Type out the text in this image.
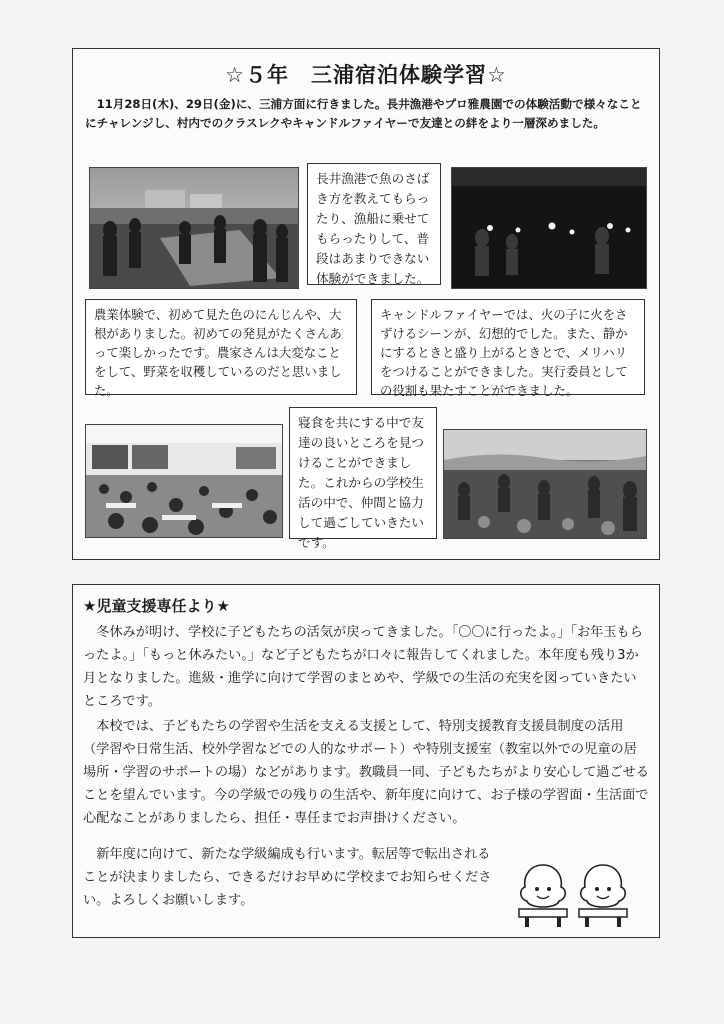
☆５年　三浦宿泊体験学習☆
11月28日(木)、29日(金)に、三浦方面に行きました。長井漁港やプロ雅農園での体験活動で様々なことにチャレンジし、村内でのクラスレクやキャンドルファイヤーで友達との絆をより一層深めました。
長井漁港で魚のさばき方を教えてもらったり、漁船に乗せてもらったりして、普段はあまりできない体験ができました。
農業体験で、初めて見た色のにんじんや、大根がありました。初めての発見がたくさんあって楽しかったです。農家さんは大変なことをして、野菜を収穫しているのだと思いました。
キャンドルファイヤーでは、火の子に火をさずけるシーンが、幻想的でした。また、静かにするときと盛り上がるときとで、メリハリをつけることができました。実行委員としての役割も果たすことができました。
寝食を共にする中で友達の良いところを見つけることができました。これからの学校生活の中で、仲間と協力して過ごしていきたいです。
★児童支援専任より★

冬休みが明け、学校に子どもたちの活気が戻ってきました。「〇〇に行ったよ。」「お年玉もらったよ。」「もっと休みたい。」など子どもたちが口々に報告してくれました。本年度も残り3か月となりました。進級・進学に向けて学習のまとめや、学級での生活の充実を図っていきたいところです。

本校では、子どもたちの学習や生活を支える支援として、特別支援教育支援員制度の活用（学習や日常生活、校外学習などでの人的なサポート）や特別支援室（教室以外での児童の居場所・学習のサポートの場）などがあります。教職員一同、子どもたちがより安心して過ごせることを望んでいます。今の学級での残りの生活や、新年度に向けて、お子様の学習面・生活面で心配なことがありましたら、担任・専任までお声掛けください。

新年度に向けて、新たな学級編成も行います。転居等で転出されることが決まりましたら、できるだけお早めに学校までお知らせください。よろしくお願いします。
